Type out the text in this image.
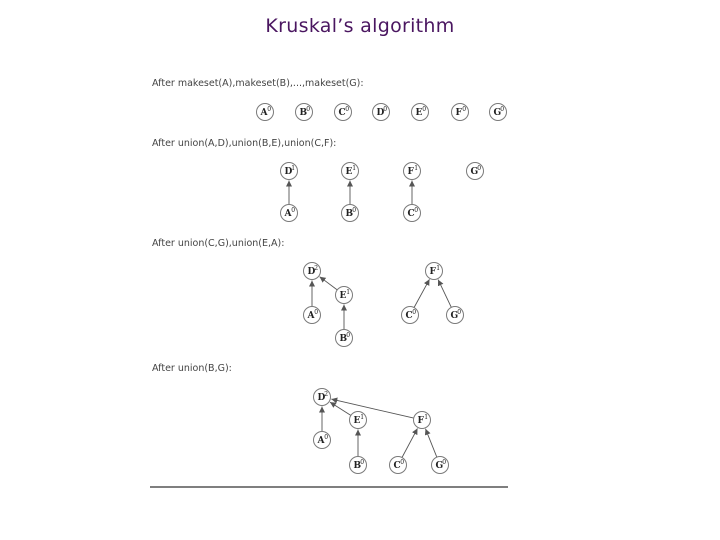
Kruskal’s algorithm
After makeset(A),makeset(B),...,makeset(G):
A 0	B 0	C 0	D
0	E 0	F 0	G 0
After union(A,D),union(B,E),union(C,F):
D
1	E 1	F 1	G 0
A 0	B 0	C 0
After union(C,G),union(E,A):
D
2
E 1
A 0
B 0
F 1
C 0	G 0
After union(B,G):
D
2
E 1	F 1
A 0
B 0	C 0	G 0
